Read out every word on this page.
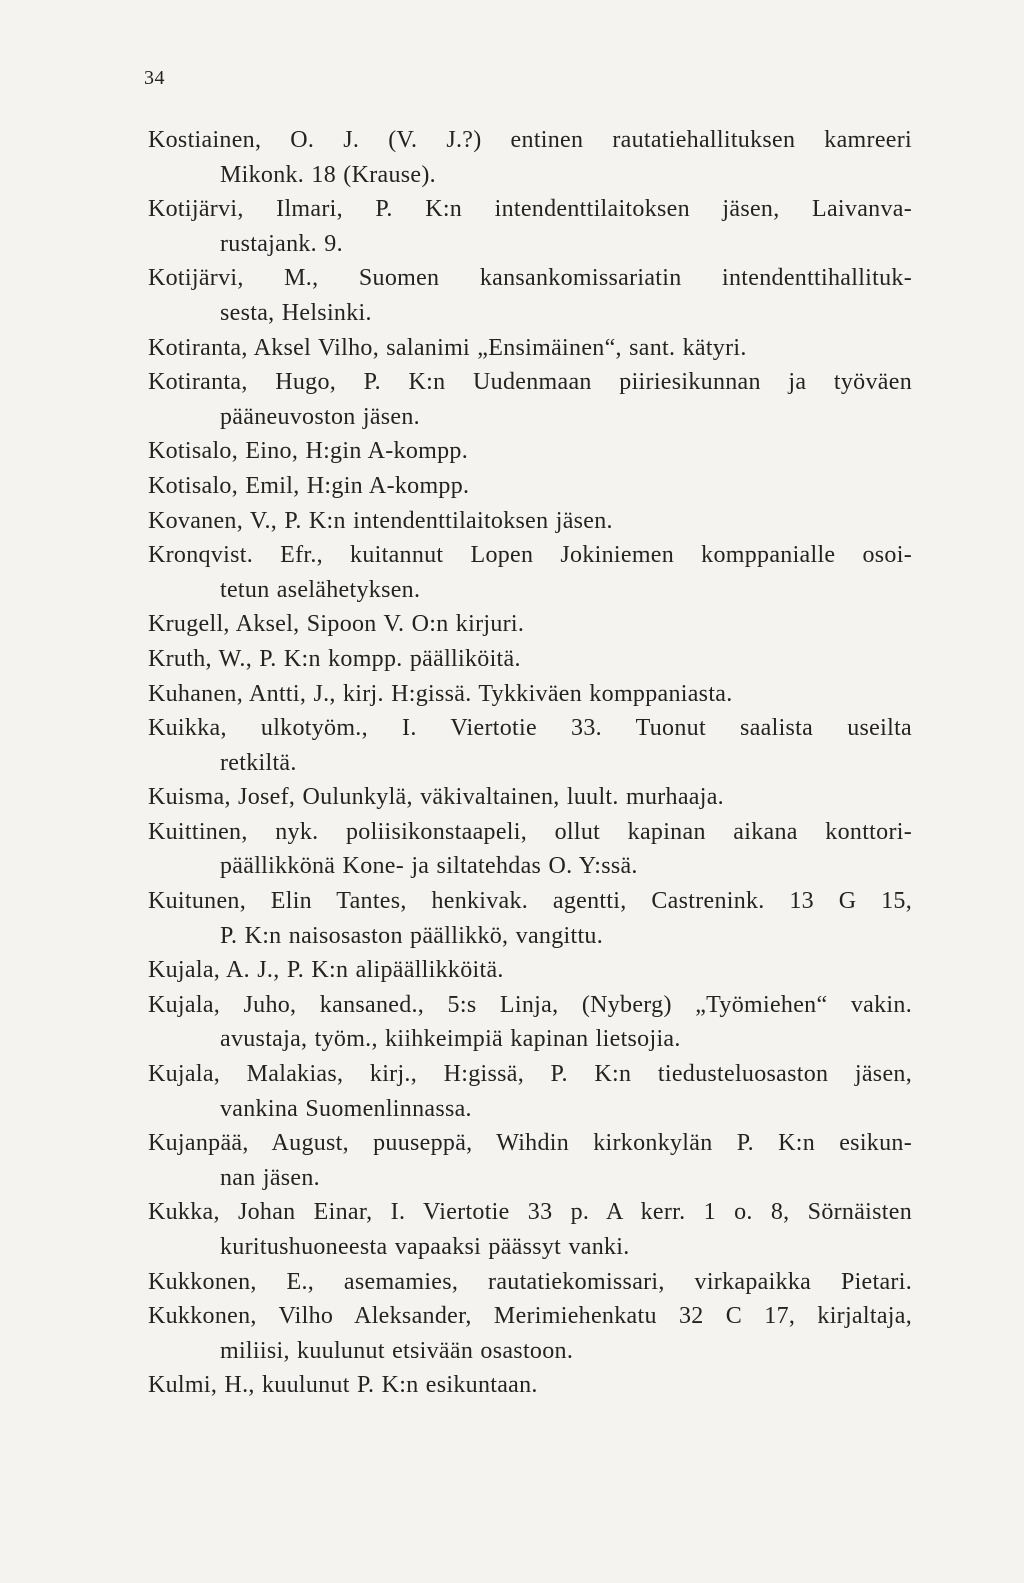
34
Kostiainen, O. J. (V. J.?) entinen rautatiehallituksen kamreeri
Mikonk. 18 (Krause).
Kotijärvi, Ilmari, P. K:n intendenttilaitoksen jäsen, Laivanva-
rustajank. 9.
Kotijärvi, M., Suomen kansankomissariatin intendenttihallituk-
sesta, Helsinki.
Kotiranta, Aksel Vilho, salanimi „Ensimäinen“, sant. kätyri.
Kotiranta, Hugo, P. K:n Uudenmaan piiriesikunnan ja työväen
pääneuvoston jäsen.
Kotisalo, Eino, H:gin A-kompp.
Kotisalo, Emil, H:gin A-kompp.
Kovanen, V., P. K:n intendenttilaitoksen jäsen.
Kronqvist. Efr., kuitannut Lopen Jokiniemen komppanialle osoi-
tetun aselähetyksen.
Krugell, Aksel, Sipoon V. O:n kirjuri.
Kruth, W., P. K:n kompp. päälliköitä.
Kuhanen, Antti, J., kirj. H:gissä. Tykkiväen komppaniasta.
Kuikka, ulkotyöm., I. Viertotie 33. Tuonut saalista useilta
retkiltä.
Kuisma, Josef, Oulunkylä, väkivaltainen, luult. murhaaja.
Kuittinen, nyk. poliisikonstaapeli, ollut kapinan aikana konttori-
päällikkönä Kone- ja siltatehdas O. Y:ssä.
Kuitunen, Elin Tantes, henkivak. agentti, Castrenink. 13 G 15,
P. K:n naisosaston päällikkö, vangittu.
Kujala, A. J., P. K:n alipäällikköitä.
Kujala, Juho, kansaned., 5:s Linja, (Nyberg) „Työmiehen“ vakin.
avustaja, työm., kiihkeimpiä kapinan lietsojia.
Kujala, Malakias, kirj., H:gissä, P. K:n tiedusteluosaston jäsen,
vankina Suomenlinnassa.
Kujanpää, August, puuseppä, Wihdin kirkonkylän P. K:n esikun-
nan jäsen.
Kukka, Johan Einar, I. Viertotie 33 p. A kerr. 1 o. 8, Sörnäisten
kuritushuoneesta vapaaksi päässyt vanki.
Kukkonen, E., asemamies, rautatiekomissari, virkapaikka Pietari.
Kukkonen, Vilho Aleksander, Merimiehenkatu 32 C 17, kirjaltaja,
miliisi, kuulunut etsivään osastoon.
Kulmi, H., kuulunut P. K:n esikuntaan.
